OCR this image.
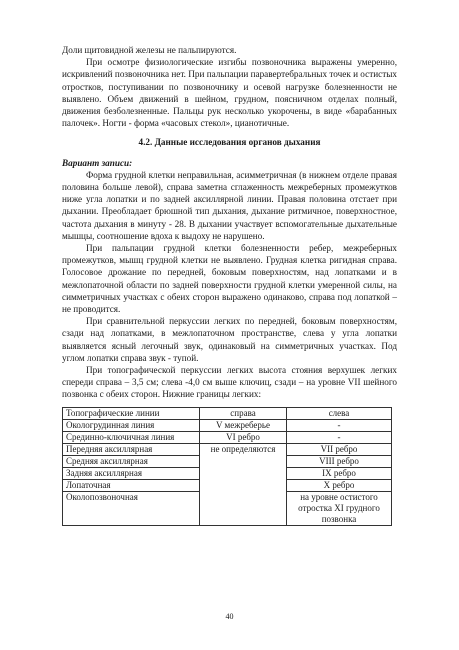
Доли щитовидной железы не пальпируются.

При осмотре физиологические изгибы позвоночника выражены умеренно, искривлений позвоночника нет. При пальпации паравертебральных точек и остистых отростков, поступивании по позвоночнику и осевой нагрузке болезненности не выявлено. Объем движений в шейном, грудном, поясничном отделах полный, движения безболезненные. Пальцы рук несколько укорочены, в виде «барабанных палочек». Ногти - форма «часовых стекол», цианотичные.

4.2. Данные исследования органов дыхания

Вариант записи:

Форма грудной клетки неправильная, асимметричная (в нижнем отделе правая половина больше левой), справа заметна сглаженность межреберных промежутков ниже угла лопатки и по задней аксиллярной линии. Правая половина отстает при дыхании. Преобладает брюшной тип дыхания, дыхание ритмичное, поверхностное, частота дыхания в минуту - 28. В дыхании участвует вспомогательные дыхательные мышцы, соотношение вдоха к выдоху не нарушено.

При пальпации грудной клетки болезненности ребер, межреберных промежутков, мышц грудной клетки не выявлено. Грудная клетка ригидная справа. Голосовое дрожание по передней, боковым поверхностям, над лопатками и в межлопаточной области по задней поверхности грудной клетки умеренной силы, на симметричных участках с обеих сторон выражено одинаково, справа под лопаткой – не проводится.

При сравнительной перкуссии легких по передней, боковым поверхностям, сзади над лопатками, в межлопаточном пространстве, слева у угла лопатки выявляется ясный легочный звук, одинаковый на симметричных участках. Под углом лопатки справа звук - тупой.

При топографической перкуссии легких высота стояния верхушек легких спереди справа – 3,5 см; слева -4,0 см выше ключиц, сзади – на уровне VII шейного позвонка с обеих сторон. Нижние границы легких:

Топографические линии	справа	слева
Окологрудинная линия	V межреберье	-
Срединно-ключичная линия	VI ребро	-
Передняя аксиллярная	не определяются	VII ребро
Средняя аксиллярная		VIII ребро
Задняя аксиллярная		IX ребро
Лопаточная		X ребро
Околопозвоночная		на уровне остистого отростка XI грудного позвонка
40
